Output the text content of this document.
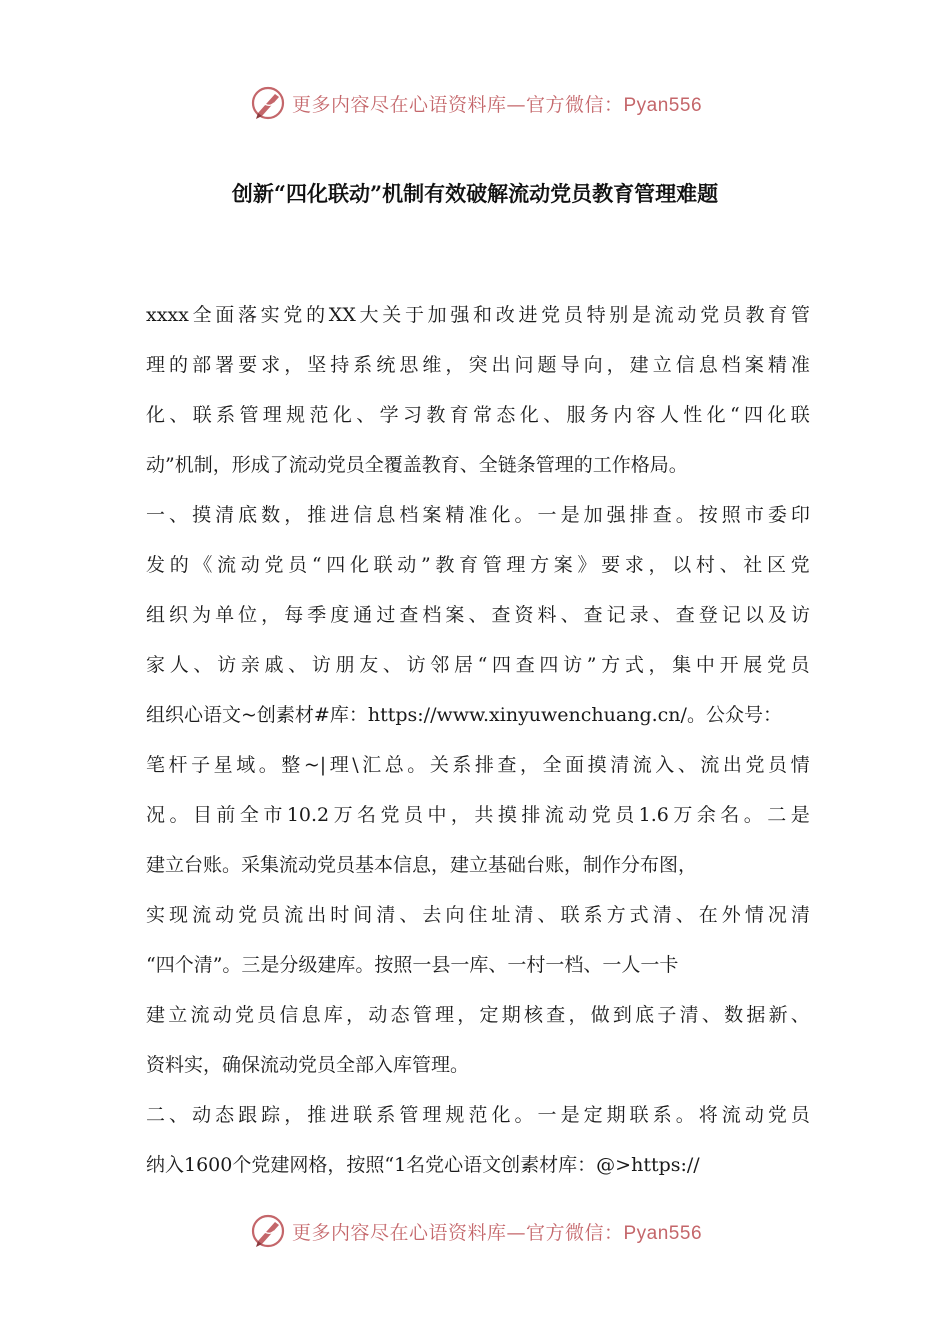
更多内容尽在心语资料库—官方微信：Pyan556
创新“四化联动”机制有效破解流动党员教育管理难题
xxxx 全 面 落 实 党 的 XX 大 关 于 加 强 和 改 进 党 员 特 别 是 流 动 党 员 教 育 管
理 的 部 署 要 求 ， 坚 持 系 统 思 维 ， 突 出 问 题 导 向 ， 建 立 信 息 档 案 精 准
化 、 联 系 管 理 规 范 化 、 学 习 教 育 常 态 化 、 服 务 内 容 人 性 化 “ 四 化 联
动”机制，形成了流动党员全覆盖教育、全链条管理的工作格局。
一 、 摸 清 底 数 ， 推 进 信 息 档 案 精 准 化 。 一 是 加 强 排 查 。 按 照 市 委 印
发 的 《 流 动 党 员 “ 四 化 联 动 ” 教 育 管 理 方 案 》 要 求 ， 以 村 、 社 区 党
组 织 为 单 位 ， 每 季 度 通 过 查 档 案 、 查 资 料 、 查 记 录 、 查 登 记 以 及 访
家 人 、 访 亲 戚 、 访 朋 友 、 访 邻 居 “ 四 查 四 访 ” 方 式 ， 集 中 开 展 党 员
组织心语文~创素材#库：https://www.xinyuwenchuang.cn/。公众号：
笔 杆 子 星 域 。 整 ~| 理 \ 汇 总 。 关 系 排 查 ， 全 面 摸 清 流 入 、 流 出 党 员 情
况 。 目 前 全 市 10.2 万 名 党 员 中 ， 共 摸 排 流 动 党 员 1.6 万 余 名 。 二 是
建立台账。采集流动党员基本信息，建立基础台账，制作分布图，
实 现 流 动 党 员 流 出 时 间 清 、 去 向 住 址 清 、 联 系 方 式 清 、 在 外 情 况 清
“四个清”。三是分级建库。按照一县一库、一村一档、一人一卡
建 立 流 动 党 员 信 息 库 ， 动 态 管 理 ， 定 期 核 查 ， 做 到 底 子 清 、 数 据 新 、
资料实，确保流动党员全部入库管理。
二 、 动 态 跟 踪 ， 推 进 联 系 管 理 规 范 化 。 一 是 定 期 联 系 。 将 流 动 党 员
纳入1600个党建网格，按照“1名党心语文创素材库：@>https://
更多内容尽在心语资料库—官方微信：Pyan556
